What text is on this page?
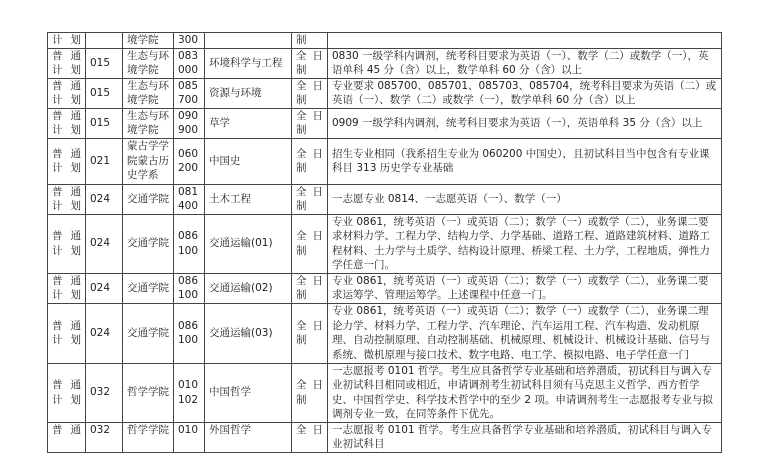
计划		境学院	300		制	
普 通 计划	015	生态与环境学院	083 000	环境科学与工程	全 日 制	0830 一级学科内调剂，统考科目要求为英语（一）、数学（二）或数学（一），英语单科 45 分（含）以上，数学单科 60 分（含）以上
普 通 计划	015	生态与环境学院	085 700	资源与环境	全 日 制	专业要求 085700、085701、085703、085704，统考科目要求为英语（二）或英语（一）、数学（二）或数学（一），数学单科 60 分（含）以上
普 通 计划	015	生态与环境学院	090 900	草学	全 日 制	0909 一级学科内调剂，统考科目要求为英语（一），英语单科 35 分（含）以上
普 通 计划	021	蒙古学学院蒙古历史学系	060 200	中国史	全 日 制	招生专业相同（我系招生专业为 060200 中国史），且初试科目当中包含有专业课科目 313 历史学专业基础
普 通 计划	024	交通学院	081 400	土木工程	全 日 制	一志愿专业 0814、一志愿英语（一）、数学（一）
普 通 计划	024	交通学院	086 100	交通运输(01)	全 日 制	专业 0861，统考英语（一）或英语（二）；数学（一）或数学（二），业务课二要求材料力学、工程力学、结构力学、力学基础、道路工程、道路建筑材料、道路工程材料、土力学与土质学、结构设计原理、桥梁工程、土力学，工程地质，弹性力学任意一门。
普 通 计划	024	交通学院	086 100	交通运输(02)	全 日 制	专业 0861，统考英语（一）或英语（二）；数学（一）或数学（二），业务课二要求运筹学、管理运筹学。上述课程中任意一门。
普 通 计划	024	交通学院	086 100	交通运输(03)	全 日 制	专业 0861，统考英语（一）或英语（二）；数学（一）或数学（二），业务课二理论力学、材料力学、工程力学、汽车理论、汽车运用工程、汽车构造、发动机原理、自动控制原理、自动控制基础、机械原理、机械设计、机械设计基础、信号与系统、微机原理与接口技术、数字电路、电工学、模拟电路、电子学任意一门
普 通 计划	032	哲学学院	010 102	中国哲学	全 日 制	一志愿报考 0101 哲学。考生应具备哲学专业基础和培养潜质，初试科目与调入专业初试科目相同或相近，申请调剂考生初试科目须有马克思主义哲学、西方哲学史、中国哲学史、科学技术哲学中的至少 2 项。申请调剂考生一志愿报考专业与拟调剂专业一致，在同等条件下优先。
普 通	032	哲学学院	010	外国哲学	全 日	一志愿报考 0101 哲学。考生应具备哲学专业基础和培养潜质，初试科目与调入专业初试科目
